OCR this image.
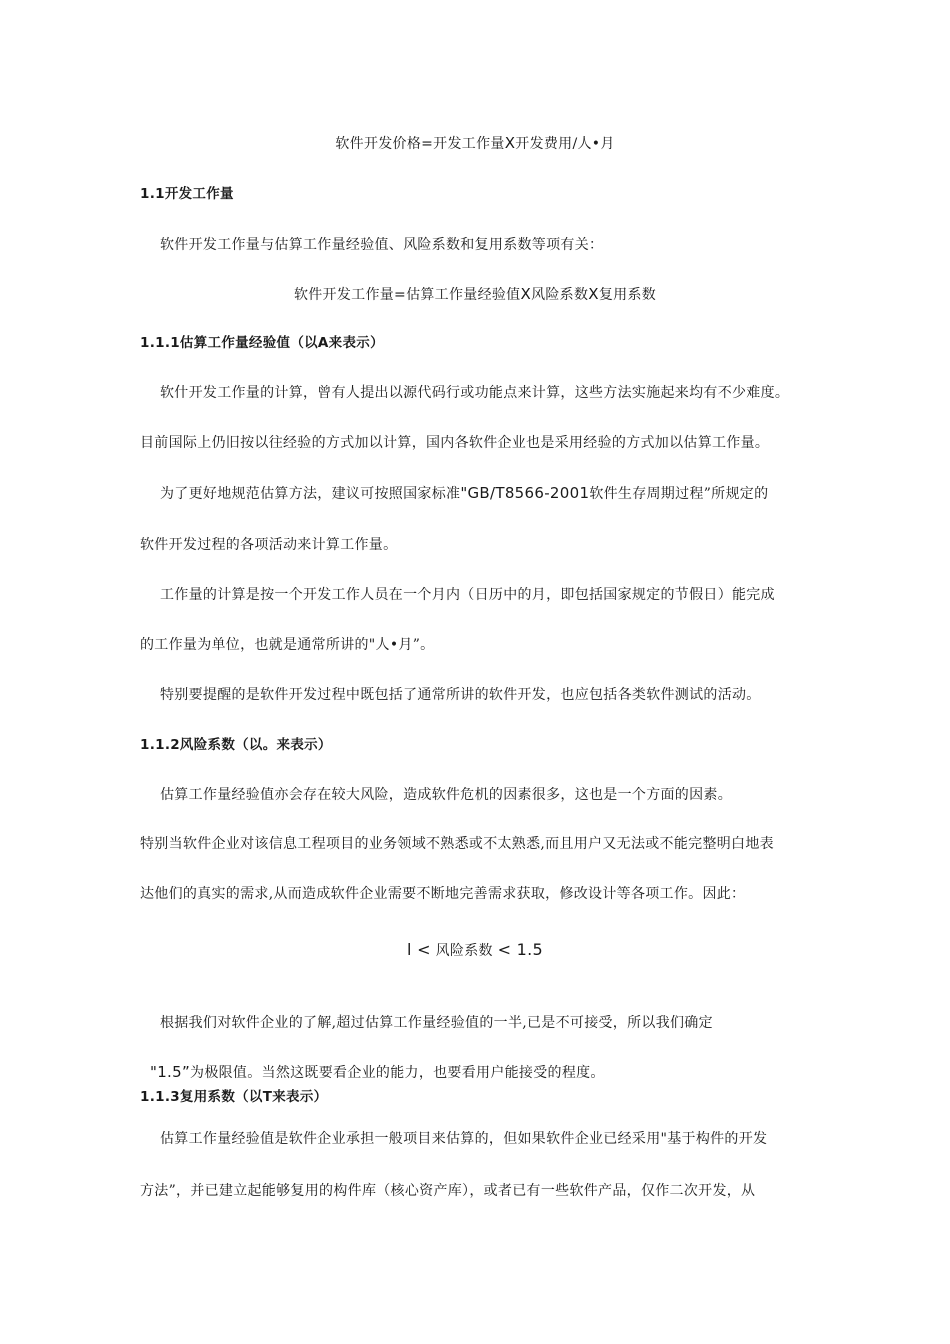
软件开发价格=开发工作量X开发费用/人•月
1.1开发工作量
软件开发工作量与估算工作量经验值、风险系数和复用系数等项有关：
软件开发工作量=估算工作量经验值X风险系数X复用系数
1.1.1估算工作量经验值（以A来表示）
软什开发工作量的计算，曾有人提出以源代码行或功能点来计算，这些方法实施起来均有不少难度。
目前国际上仍旧按以往经验的方式加以计算，国内各软件企业也是采用经验的方式加以估算工作量。
为了更好地规范估算方法，建议可按照国家标准"GB/T8566-2001软件生存周期过程”所规定的
软件开发过程的各项活动来计算工作量。
工作量的计算是按一个开发工作人员在一个月内（日历中的月，即包括国家规定的节假日）能完成
的工作量为单位，也就是通常所讲的"人•月”。
特别要提醒的是软件开发过程中既包括了通常所讲的软件开发，也应包括各类软件测试的活动。
1.1.2风险系数（以。来表示）
估算工作量经验值亦会存在较大风险，造成软件危机的因素很多，这也是一个方面的因素。
特别当软件企业对该信息工程项目的业务领域不熟悉或不太熟悉,而且用户又无法或不能完整明白地表
达他们的真实的需求,从而造成软件企业需要不断地完善需求获取，修改设计等各项工作。因此：
l < 风险系数 < 1.5
根据我们对软件企业的了解,超过估算工作量经验值的一半,已是不可接受，所以我们确定
"1.5”为极限值。当然这既要看企业的能力，也要看用户能接受的程度。
1.1.3复用系数（以T来表示）
估算工作量经验值是软件企业承担一般项目来估算的，但如果软件企业已经采用"基于构件的开发
方法”，并已建立起能够复用的构件库（核心资产库），或者已有一些软件产品，仅作二次开发，从
